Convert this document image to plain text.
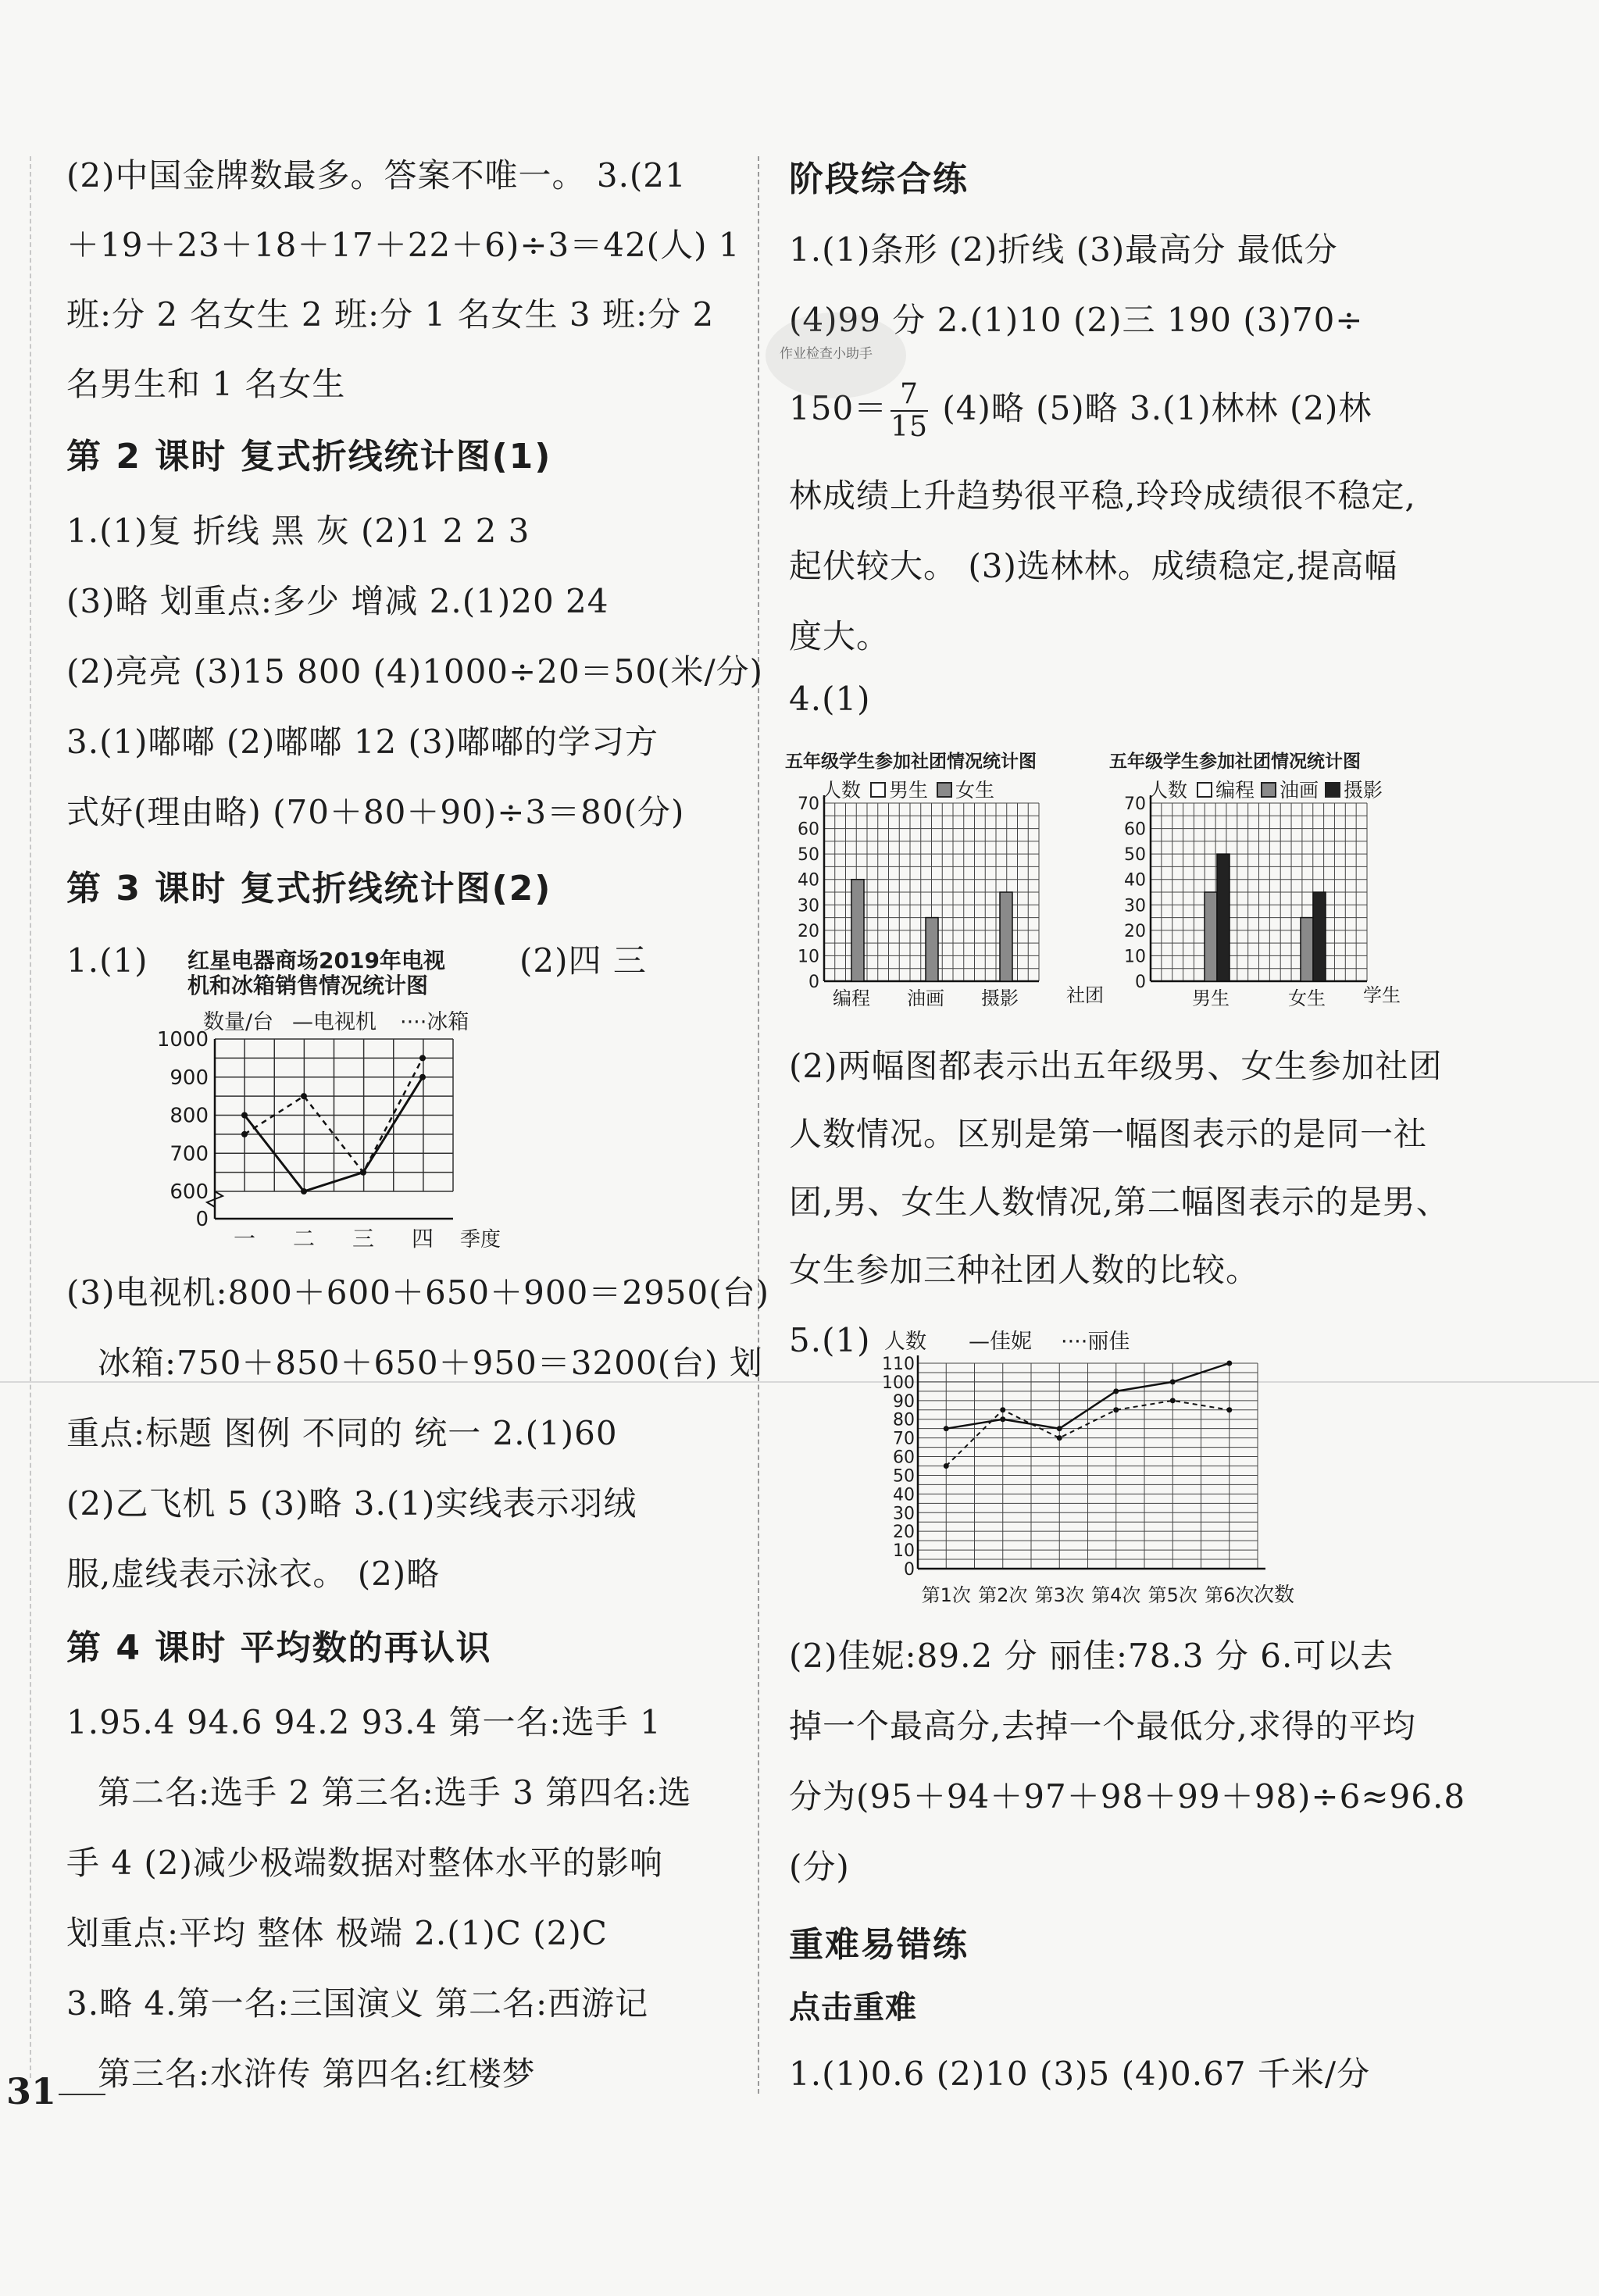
(2)中国金牌数最多。答案不唯一。 3.(21
＋19＋23＋18＋17＋22＋6)÷3＝42(人) 1
班:分 2 名女生 2 班:分 1 名女生 3 班:分 2
名男生和 1 名女生
第 2 课时 复式折线统计图(1)
1.(1)复 折线 黑 灰 (2)1 2 2 3
(3)略 划重点:多少 增减 2.(1)20 24
(2)亮亮 (3)15 800 (4)1000÷20＝50(米/分)
3.(1)嘟嘟 (2)嘟嘟 12 (3)嘟嘟的学习方
式好(理由略) (70＋80＋90)÷3＝80(分)
第 3 课时 复式折线统计图(2)
1.(1)	(2)四 三
红星电器商场2019年电视
机和冰箱销售情况统计图
数量/台 —电视机 ····冰箱
1000
900
800
700
600
0
一 二 三 四 季度
(3)电视机:800＋600＋650＋900＝2950(台)
冰箱:750＋850＋650＋950＝3200(台) 划
重点:标题 图例 不同的 统一 2.(1)60
(2)乙飞机 5 (3)略 3.(1)实线表示羽绒
服,虚线表示泳衣。 (2)略
第 4 课时 平均数的再认识
1.95.4 94.6 94.2 93.4 第一名:选手 1
第二名:选手 2 第三名:选手 3 第四名:选
手 4 (2)减少极端数据对整体水平的影响
划重点:平均 整体 极端 2.(1)C (2)C
3.略 4.第一名:三国演义 第二名:西游记
第三名:水浒传 第四名:红楼梦
31
阶段综合练
1.(1)条形 (2)折线 (3)最高分 最低分
(4)99 分 2.(1)10 (2)三 190 (3)70÷
$150= \frac{7}{15} (4)$略 (5)略 3.(1)林林 (2)林
林成绩上升趋势很平稳,玲玲成绩很不稳定,
起伏较大。 (3)选林林。成绩稳定,提高幅
度大。
4.(1)
五年级学生参加社团情况统计图
人数 男生 女生
社团
70
60
50
40
30
20
10
0
编程 油画 摄影
五年级学生参加社团情况统计图
人数 编程 油画 摄影
学生
70
60
50
40
30
20
10
0
男生	女生
(2)两幅图都表示出五年级男、女生参加社团
人数情况。区别是第一幅图表示的是同一社
团,男、女生人数情况,第二幅图表示的是男、
女生参加三种社团人数的比较。
5.(1) 人数 —佳妮 ····丽佳
次数
110
100
90
80
70
60
50
40
30
20
10
0
第1次 第2次 第3次 第4次 第5次 第6次
(2)佳妮:89.2 分 丽佳:78.3 分 6.可以去
掉一个最高分,去掉一个最低分,求得的平均
分为(95＋94＋97＋98＋99＋98)÷6≈96.8
(分)
重难易错练
点击重难
1.(1)0.6 (2)10 (3)5 (4)0.67 千米/分
作业检查小助手
